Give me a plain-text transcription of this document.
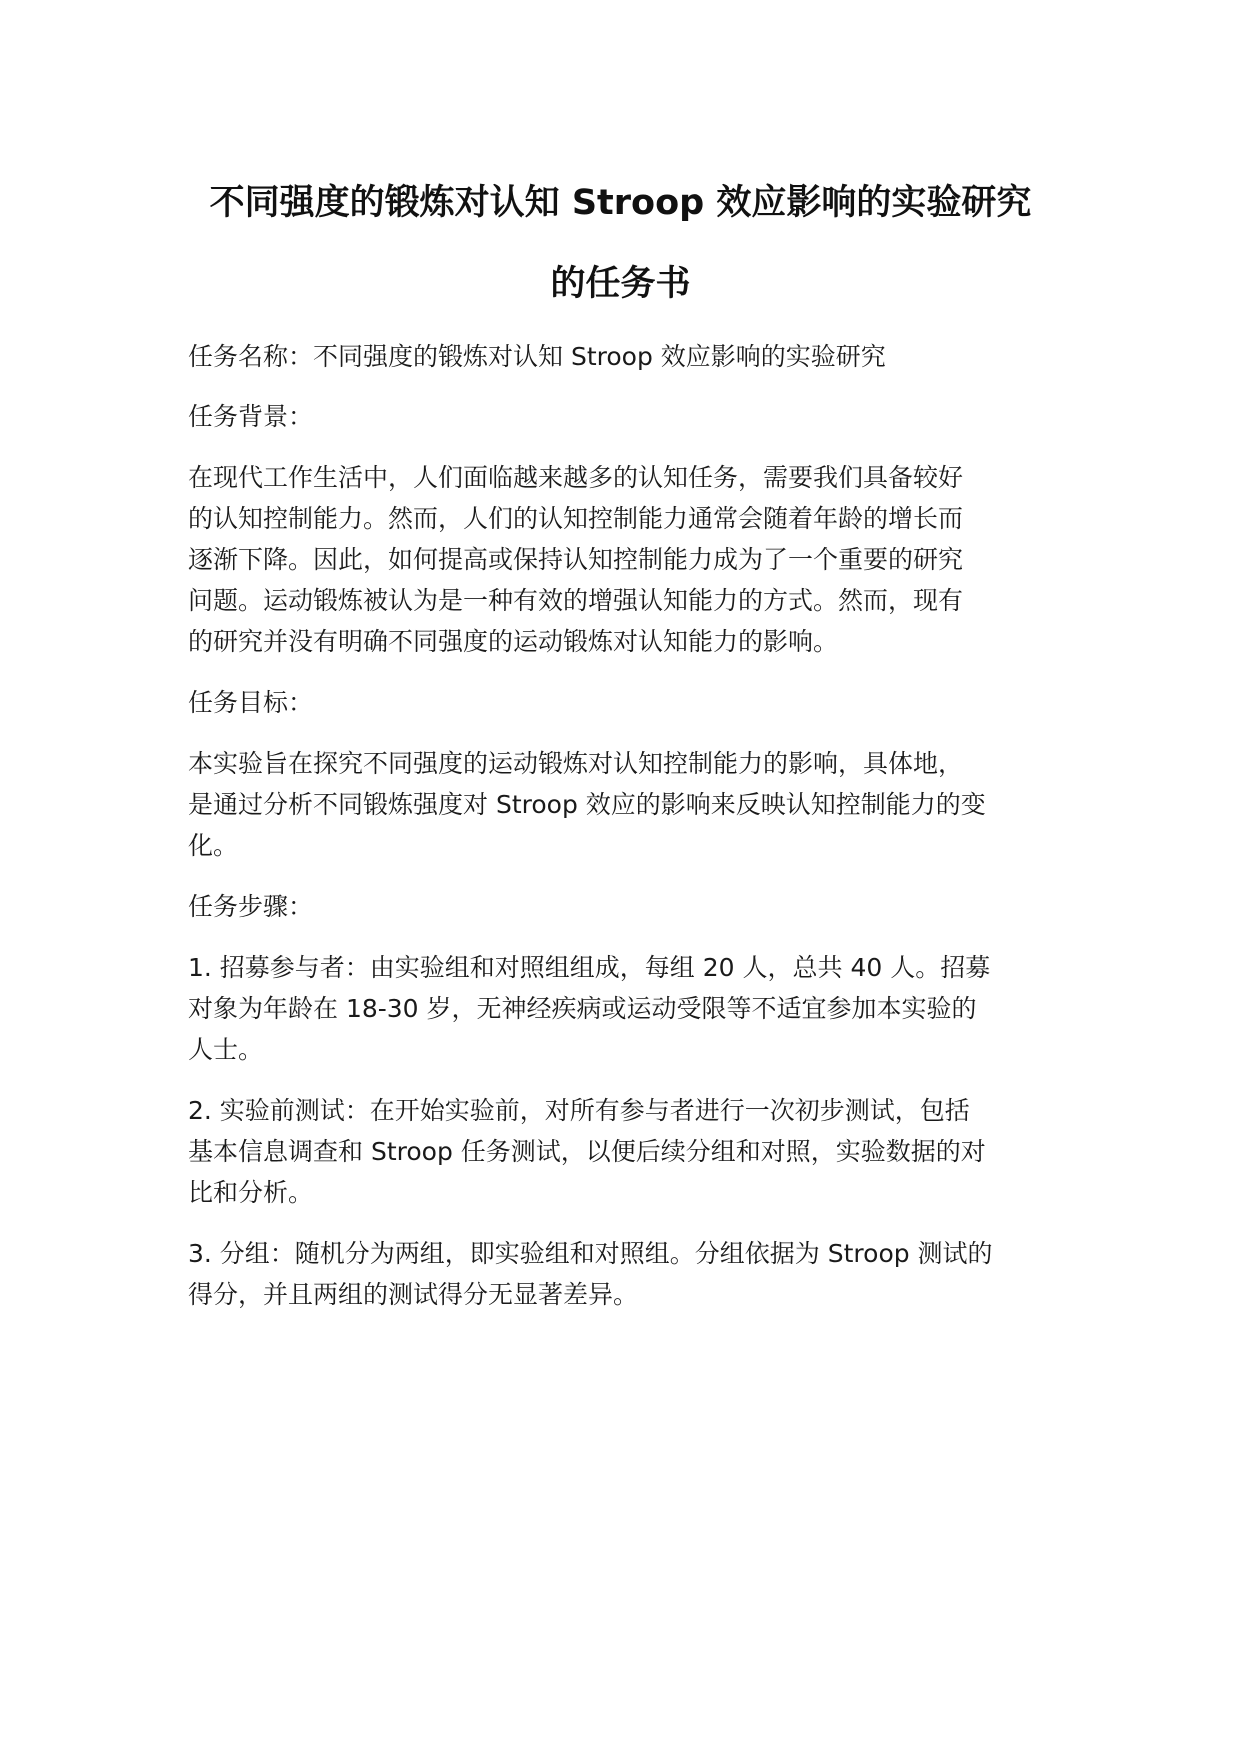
不同强度的锻炼对认知 Stroop 效应影响的实验研究
的任务书
任务名称：不同强度的锻炼对认知 Stroop 效应影响的实验研究
任务背景：
在现代工作生活中，人们面临越来越多的认知任务，需要我们具备较好
的认知控制能力。然而，人们的认知控制能力通常会随着年龄的增长而
逐渐下降。因此，如何提高或保持认知控制能力成为了一个重要的研究
问题。运动锻炼被认为是一种有效的增强认知能力的方式。然而，现有
的研究并没有明确不同强度的运动锻炼对认知能力的影响。
任务目标：
本实验旨在探究不同强度的运动锻炼对认知控制能力的影响，具体地，
是通过分析不同锻炼强度对 Stroop 效应的影响来反映认知控制能力的变
化。
任务步骤：
1. 招募参与者：由实验组和对照组组成，每组 20 人，总共 40 人。招募
对象为年龄在 18-30 岁，无神经疾病或运动受限等不适宜参加本实验的
人士。
2. 实验前测试：在开始实验前，对所有参与者进行一次初步测试，包括
基本信息调查和 Stroop 任务测试，以便后续分组和对照，实验数据的对
比和分析。
3. 分组：随机分为两组，即实验组和对照组。分组依据为 Stroop 测试的
得分，并且两组的测试得分无显著差异。
